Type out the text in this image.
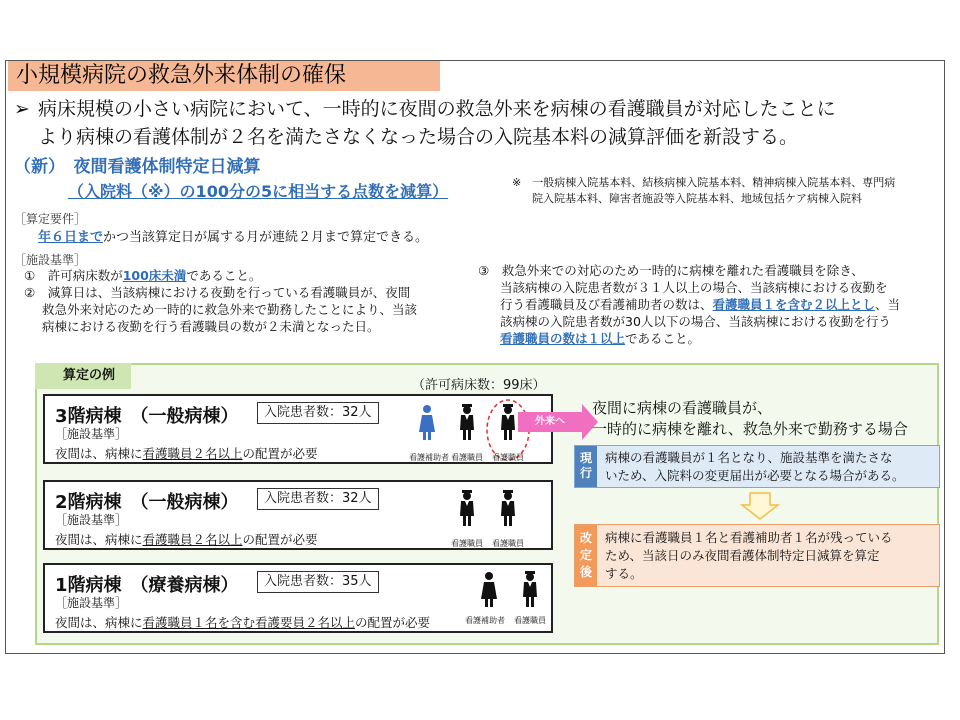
小規模病院の救急外来体制の確保
➢ 病床規模の小さい病院において、一時的に夜間の救急外来を病棟の看護職員が対応したことに
より病棟の看護体制が２名を満たさなくなった場合の入院基本料の減算評価を新設する。
（新）　夜間看護体制特定日減算
（入院料（※）の100分の5に相当する点数を減算）	※　一般病棟入院基本料、結核病棟入院基本料、精神病棟入院基本料、専門病
院入院基本料、障害者施設等入院基本料、地域包括ケア病棟入院料
［算定要件］
年６日までかつ当該算定日が属する月が連続２月まで算定できる。
［施設基準］
①　許可病床数が100床未満であること。
②　減算日は、当該病棟における夜勤を行っている看護職員が、夜間
救急外来対応のため一時的に救急外来で勤務したことにより、当該
病棟における夜勤を行う看護職員の数が２未満となった日。
③　救急外来での対応のため一時的に病棟を離れた看護職員を除き、
当該病棟の入院患者数が３１人以上の場合、当該病棟における夜勤を
行う看護職員及び看護補助者の数は、看護職員１を含む２以上とし、当
該病棟の入院患者数が30人以下の場合、当該病棟における夜勤を行う
看護職員の数は１以上であること。
算定の例
（許可病床数：99床）
3階病棟　（一般病棟）	入院患者数：32人
［施設基準］
夜間は、病棟に看護職員２名以上の配置が必要	看護補助者 看護職員 看護職員
2階病棟　（一般病棟）	入院患者数：32人
［施設基準］
夜間は、病棟に看護職員２名以上の配置が必要	看護職員 看護職員
1階病棟　（療養病棟）	入院患者数：35人
［施設基準］
夜間は、病棟に看護職員１名を含む看護要員２名以上の配置が必要	看護補助者 看護職員
外来へ
夜間に病棟の看護職員が、
一時的に病棟を離れ、救急外来で勤務する場合
現
行
病棟の看護職員が１名となり、施設基準を満たさな
いため、入院料の変更届出が必要となる場合がある。
改
定
後
病棟に看護職員１名と看護補助者１名が残っている
ため、当該日のみ夜間看護体制特定日減算を算定
する。
